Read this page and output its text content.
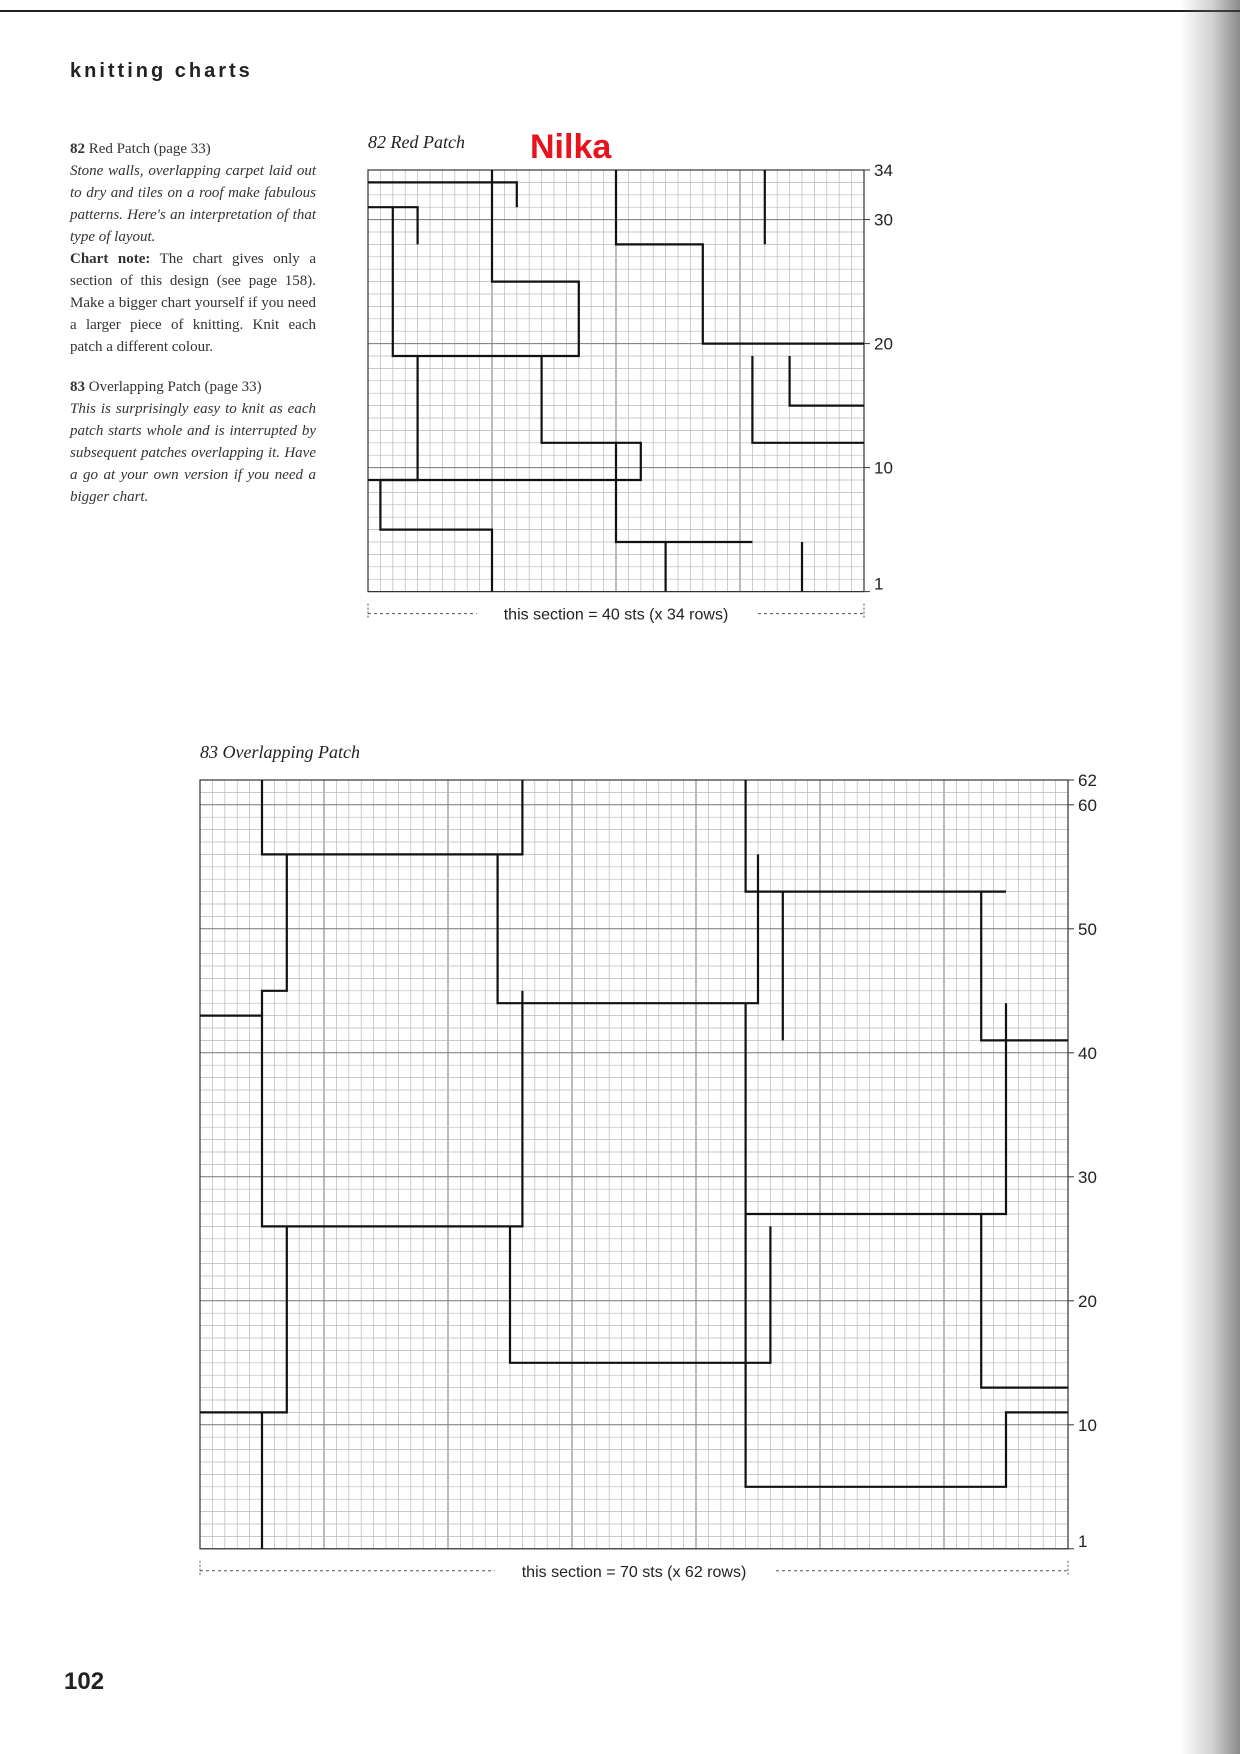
knitting charts
82 Red Patch (page 33)
Stone walls, overlapping carpet laid out to dry and tiles on a roof make fabulous patterns. Here's an interpretation of that type of layout.
Chart note: The chart gives only a section of this design (see page 158). Make a bigger chart yourself if you need a larger piece of knitting. Knit each patch a different colour.
83 Overlapping Patch (page 33)
This is surprisingly easy to knit as each patch starts whole and is interrupted by subsequent patches overlapping it. Have a go at your own version if you need a bigger chart.
82 Red Patch Nilka
34
30
20
10
1
this section = 40 sts (x 34 rows)
83 Overlapping Patch
62
60
50
40
30
20
10
1
this section = 70 sts (x 62 rows)
102
